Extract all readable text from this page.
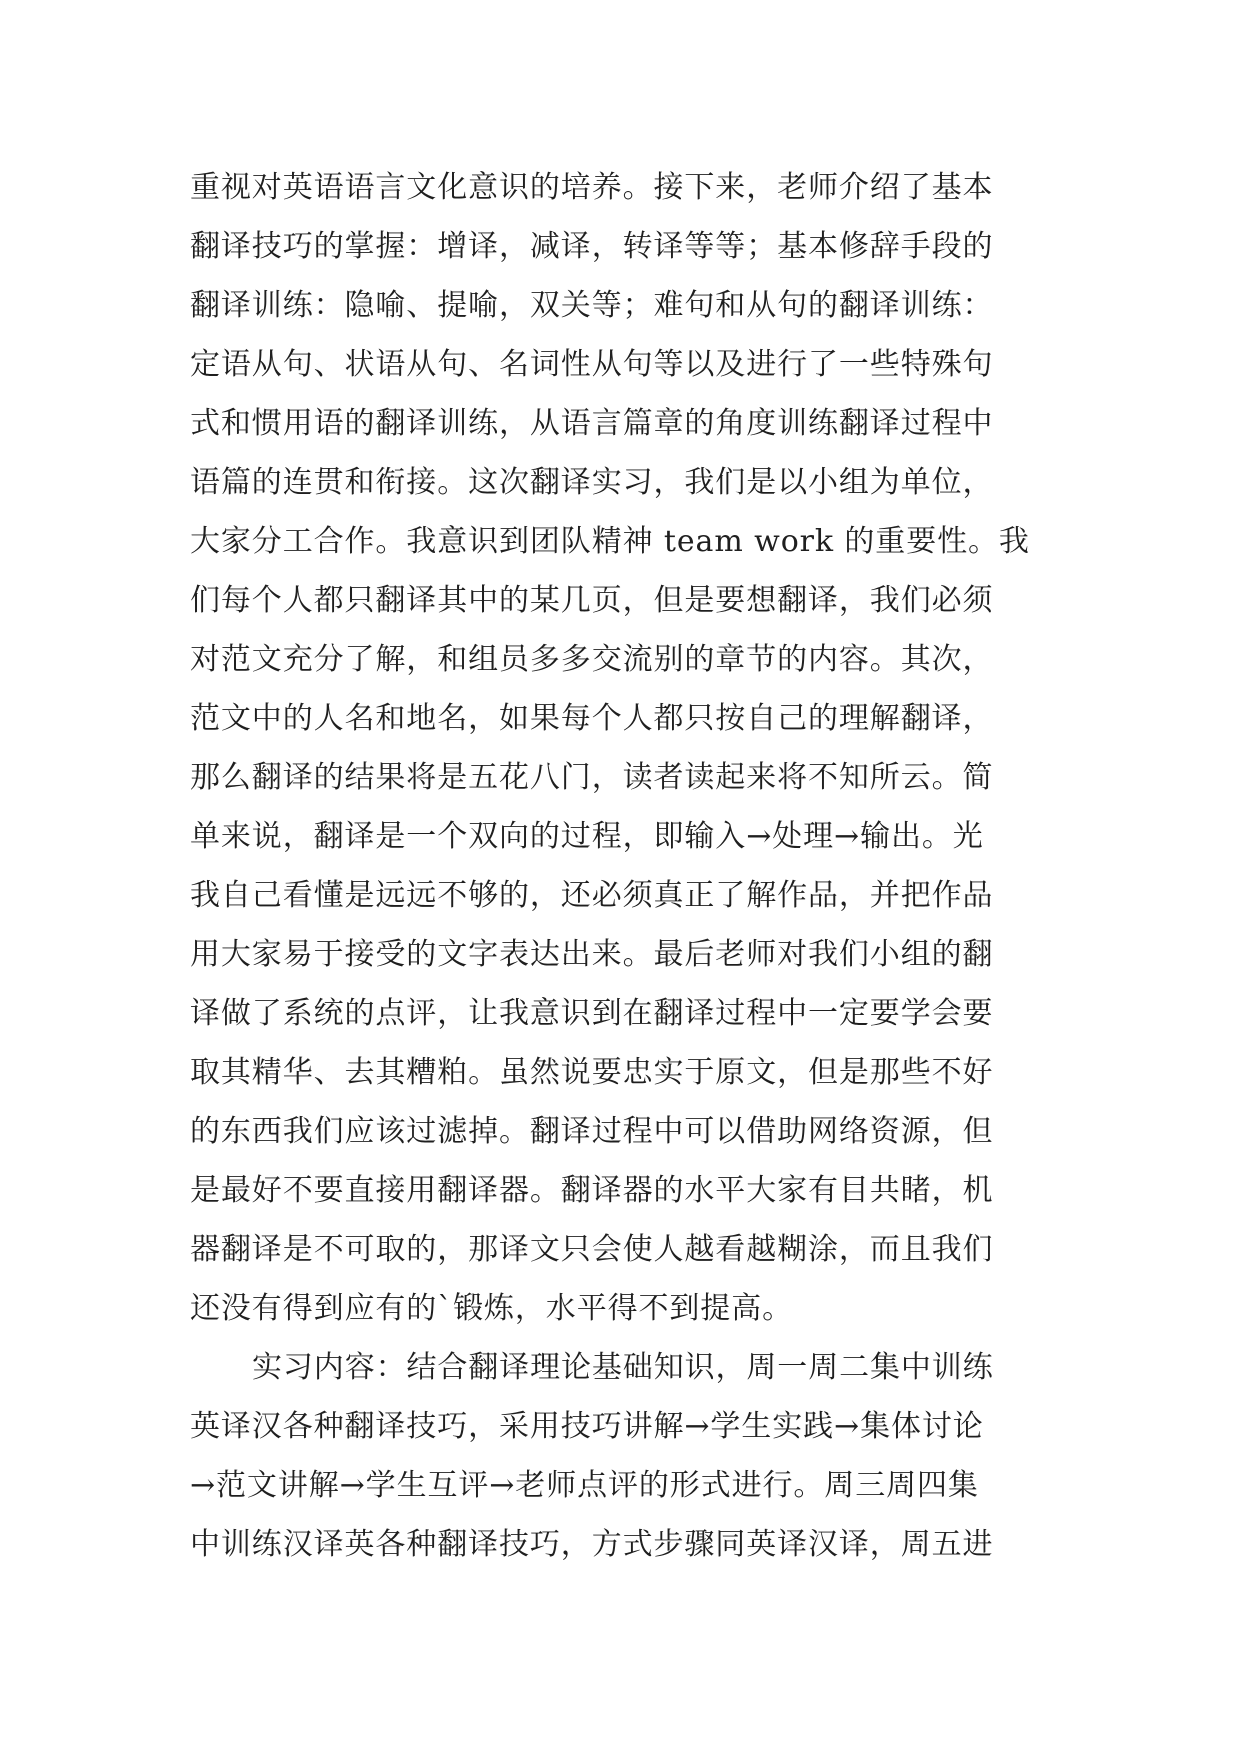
重视对英语语言文化意识的培养。接下来，老师介绍了基本
翻译技巧的掌握：增译，减译，转译等等；基本修辞手段的
翻译训练：隐喻、提喻，双关等；难句和从句的翻译训练：
定语从句、状语从句、名词性从句等以及进行了一些特殊句
式和惯用语的翻译训练，从语言篇章的角度训练翻译过程中
语篇的连贯和衔接。这次翻译实习，我们是以小组为单位，
大家分工合作。我意识到团队精神 team work 的重要性。我
们每个人都只翻译其中的某几页，但是要想翻译，我们必须
对范文充分了解，和组员多多交流别的章节的内容。其次，
范文中的人名和地名，如果每个人都只按自己的理解翻译，
那么翻译的结果将是五花八门，读者读起来将不知所云。简
单来说，翻译是一个双向的过程，即输入→处理→输出。光
我自己看懂是远远不够的，还必须真正了解作品，并把作品
用大家易于接受的文字表达出来。最后老师对我们小组的翻
译做了系统的点评，让我意识到在翻译过程中一定要学会要
取其精华、去其糟粕。虽然说要忠实于原文，但是那些不好
的东西我们应该过滤掉。翻译过程中可以借助网络资源，但
是最好不要直接用翻译器。翻译器的水平大家有目共睹，机
器翻译是不可取的，那译文只会使人越看越糊涂，而且我们
还没有得到应有的`锻炼，水平得不到提高。
实习内容：结合翻译理论基础知识，周一周二集中训练
英译汉各种翻译技巧，采用技巧讲解→学生实践→集体讨论
→范文讲解→学生互评→老师点评的形式进行。周三周四集
中训练汉译英各种翻译技巧，方式步骤同英译汉译，周五进
